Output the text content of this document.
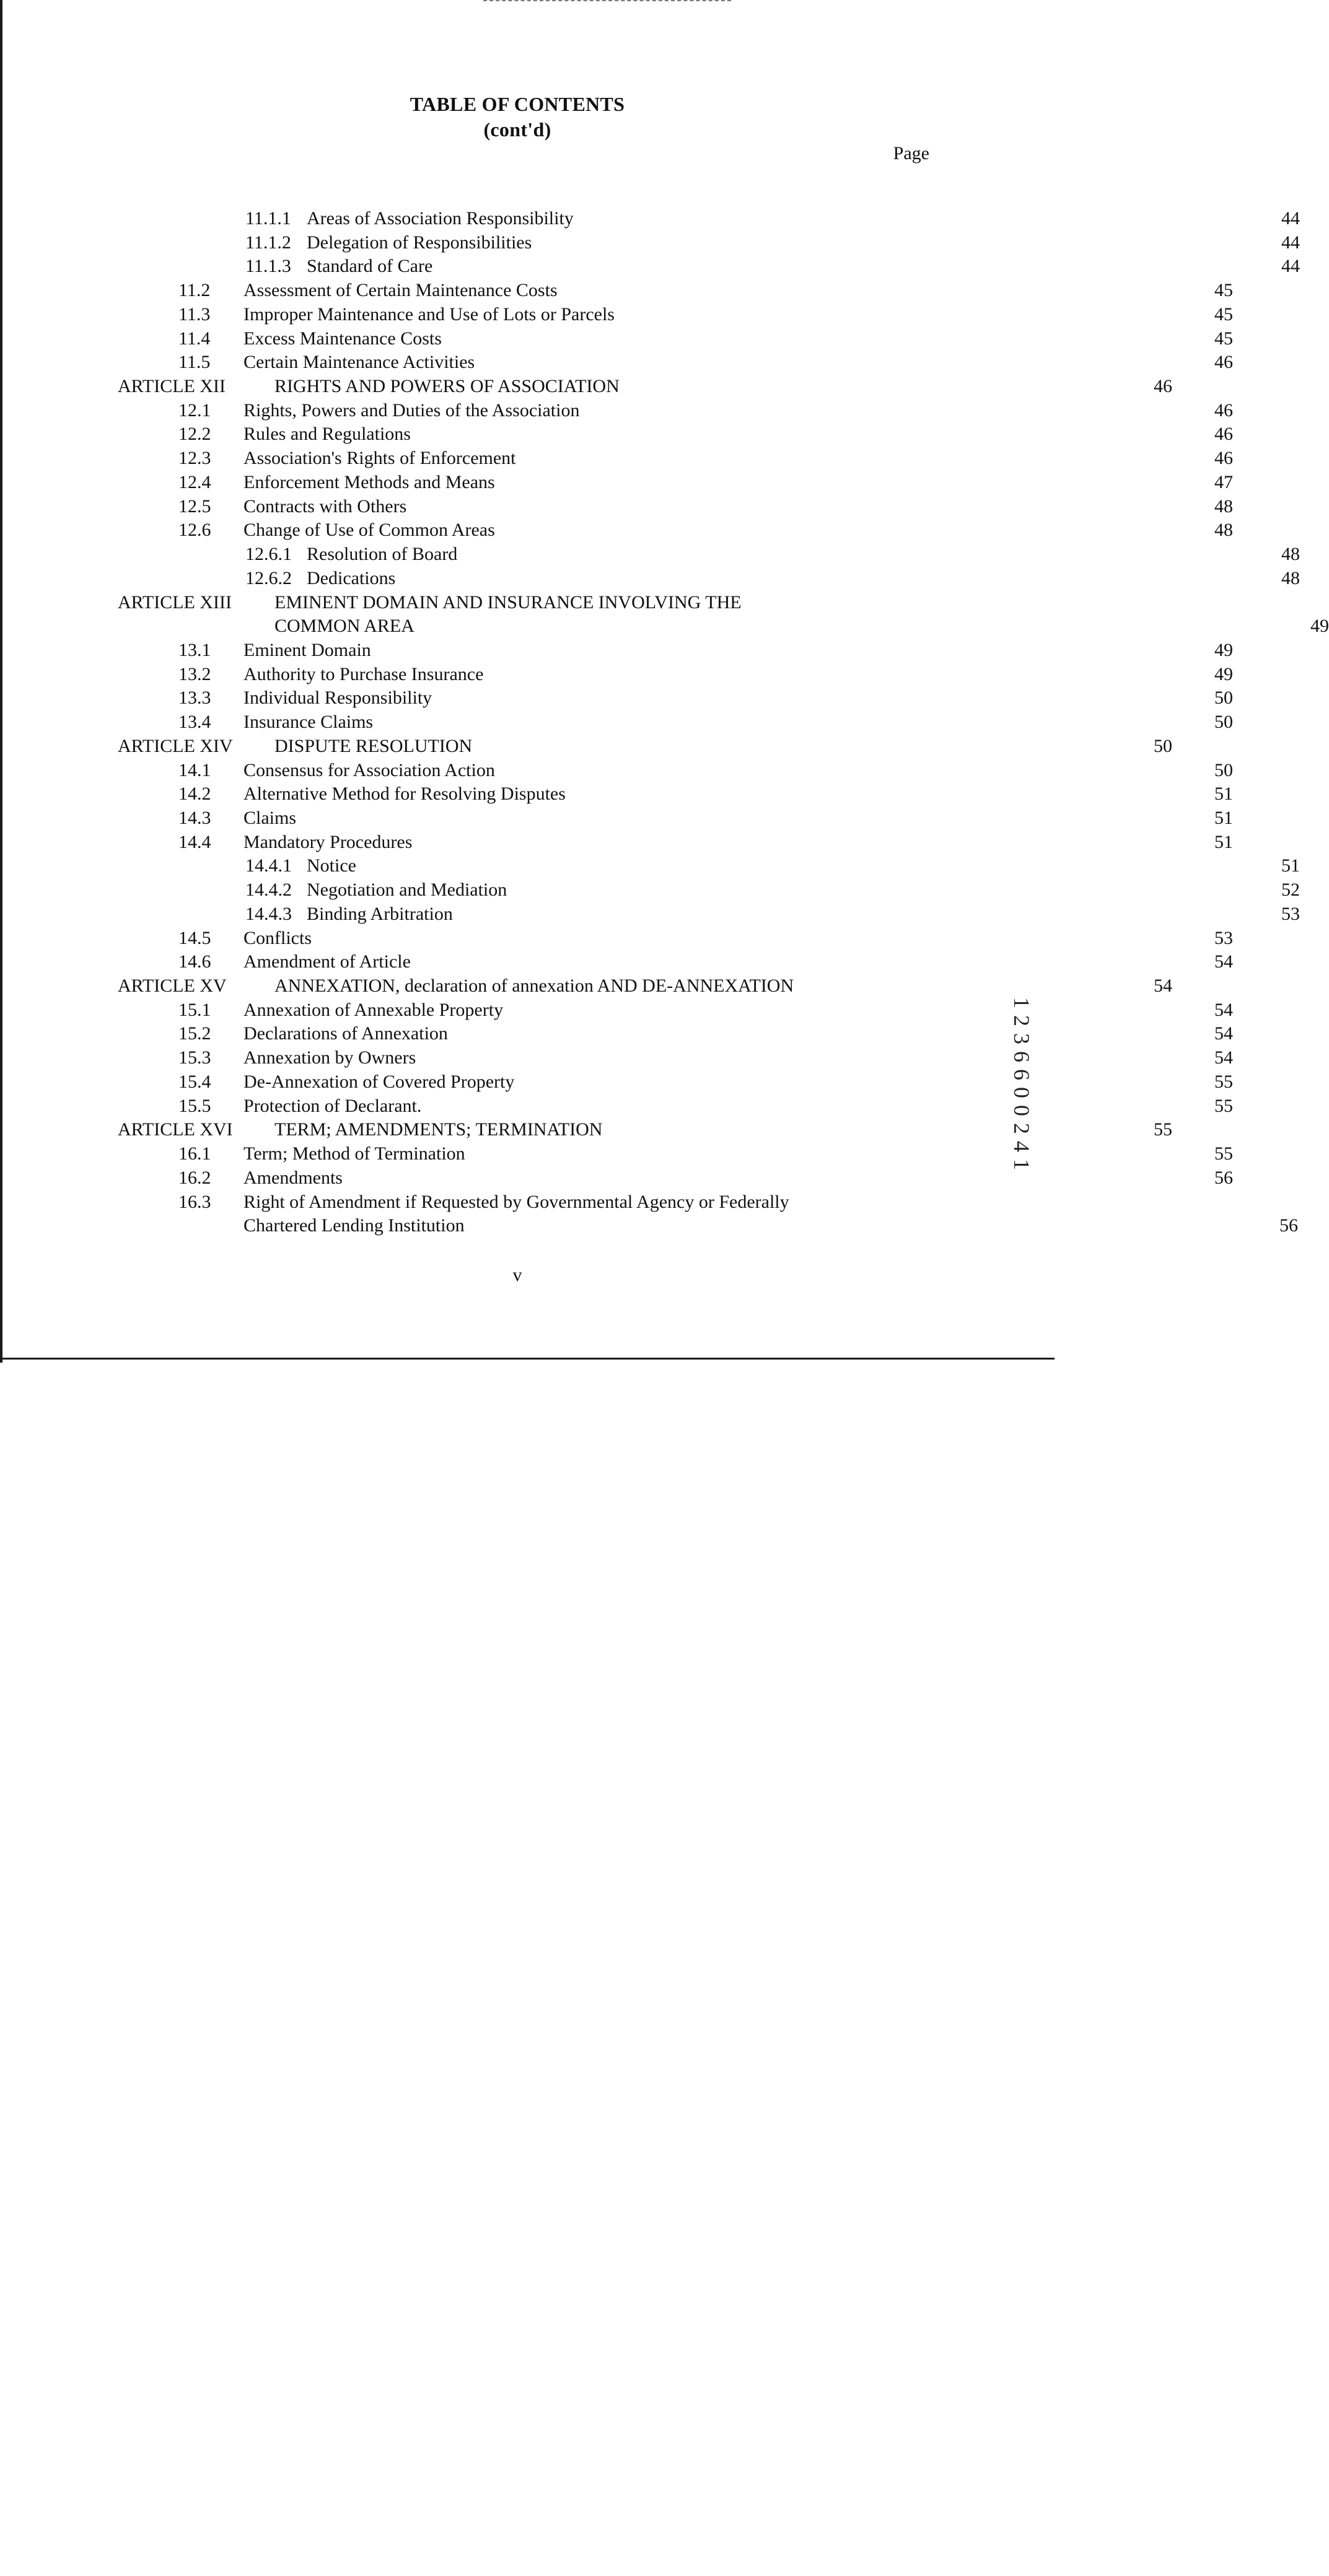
TABLE OF CONTENTS
(cont'd)
Page
11.1.1 Areas of Association Responsibility	44
11.1.2 Delegation of Responsibilities	44
11.1.3 Standard of Care	44
11.2 Assessment of Certain Maintenance Costs	45
11.3 Improper Maintenance and Use of Lots or Parcels	45
11.4 Excess Maintenance Costs	45
11.5 Certain Maintenance Activities	46
ARTICLE XII	RIGHTS AND POWERS OF ASSOCIATION	46
12.1 Rights, Powers and Duties of the Association	46
12.2 Rules and Regulations	46
12.3 Association's Rights of Enforcement	46
12.4 Enforcement Methods and Means	47
12.5 Contracts with Others	48
12.6 Change of Use of Common Areas	48
12.6.1 Resolution of Board	48
12.6.2 Dedications	48
ARTICLE XIII EMINENT DOMAIN AND INSURANCE INVOLVING THE
COMMON AREA	49
13.1 Eminent Domain	49
13.2 Authority to Purchase Insurance	49
13.3 Individual Responsibility	50
13.4 Insurance Claims	50
ARTICLE XIV DISPUTE RESOLUTION	50
14.1 Consensus for Association Action	50
14.2 Alternative Method for Resolving Disputes	51
14.3 Claims	51
14.4 Mandatory Procedures	51
14.4.1 Notice	51
14.4.2 Negotiation and Mediation	52
14.4.3 Binding Arbitration	53
14.5 Conflicts	53
14.6 Amendment of Article	54
ARTICLE XV	ANNEXATION, declaration of annexation AND DE-ANNEXATION	54
15.1 Annexation of Annexable Property	54
15.2 Declarations of Annexation	54
15.3 Annexation by Owners	54
15.4 De-Annexation of Covered Property	55
15.5 Protection of Declarant.	55
ARTICLE XVI TERM; AMENDMENTS; TERMINATION	55
16.1 Term; Method of Termination	55
16.2 Amendments	56
16.3 Right of Amendment if Requested by Governmental Agency or Federally
Chartered Lending Institution	56
v
1 2 3 6 6 0 0 2 4 1
